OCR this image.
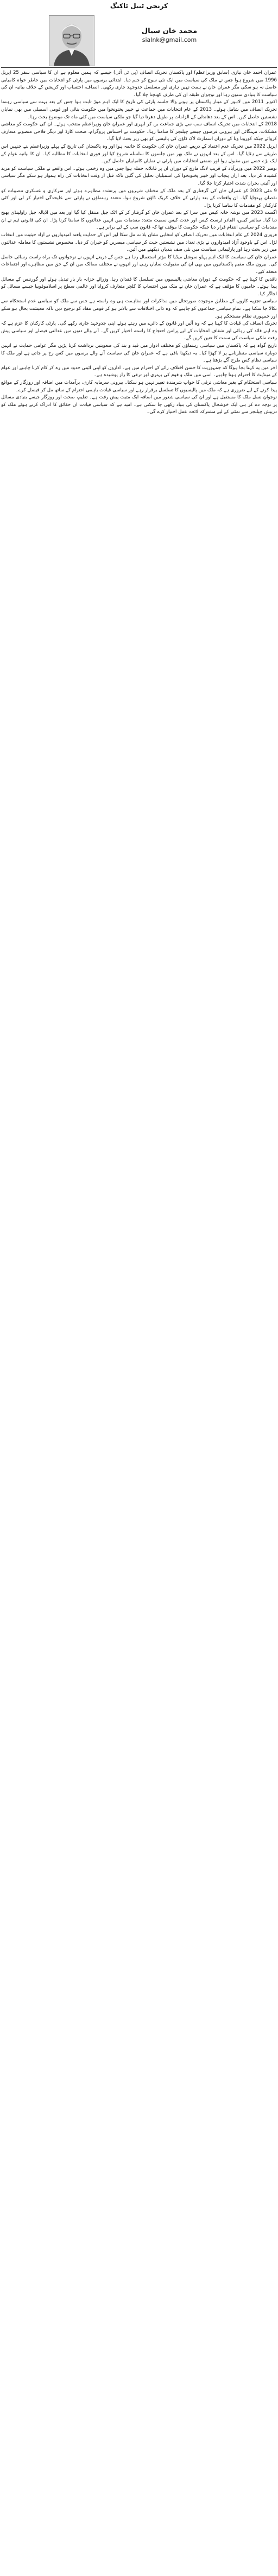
کرنجی ٹیبل ٹاکنگ

محمد خان سیال

sialnk@gmail.com

عمران احمد خان نیازی (سابق وزیراعظم) اور پاکستان تحریک انصاف (پی ٹی آئی) جیسے کہ ہمیں معلوم ہے ان کا سیاسی سفر 25 اپریل 1996 میں شروع ہوا جس نے ملک کی سیاست میں ایک نئی سوچ کو جنم دیا۔ ابتدائی برسوں میں پارٹی کو انتخابات میں خاطر خواہ کامیابی حاصل نہ ہو سکی مگر عمران خان نے ہمت نہیں ہاری اور مسلسل جدوجہد جاری رکھی۔ انصاف، احتساب اور کرپشن کے خلاف بیانیہ ان کی سیاست کا بنیادی ستون رہا اور نوجوان طبقہ ان کی طرف کھنچتا چلا گیا۔

اکتوبر 2011 میں لاہور کے مینار پاکستان پر ہونے والا جلسہ پارٹی کی تاریخ کا ایک اہم موڑ ثابت ہوا جس کے بعد بہت سے سیاسی رہنما تحریک انصاف میں شامل ہوئے۔ 2013 کے عام انتخابات میں جماعت نے خیبر پختونخوا میں حکومت بنائی اور قومی اسمبلی میں بھی نمایاں نشستیں حاصل کیں۔ اس کے بعد دھاندلی کے الزامات پر طویل دھرنا دیا گیا جو ملکی سیاست میں کئی ماہ تک موضوع بحث رہا۔

2018 کے انتخابات میں تحریک انصاف سب سے بڑی جماعت بن کر ابھری اور عمران خان وزیراعظم منتخب ہوئے۔ ان کی حکومت کو معاشی مشکلات، مہنگائی اور بیرونی قرضوں جیسے چیلنجز کا سامنا رہا۔ حکومت نے احساس پروگرام، صحت کارڈ اور دیگر فلاحی منصوبے متعارف کروائے جبکہ کورونا وبا کے دوران اسمارٹ لاک ڈاؤن کی پالیسی کو بھی زیر بحث لایا گیا۔

اپریل 2022 میں تحریک عدم اعتماد کے ذریعے عمران خان کی حکومت کا خاتمہ ہوا اور وہ پاکستان کی تاریخ کے پہلے وزیراعظم بنے جنہیں اس طریقے سے ہٹایا گیا۔ اس کے بعد انہوں نے ملک بھر میں جلسوں کا سلسلہ شروع کیا اور فوری انتخابات کا مطالبہ کیا۔ ان کا بیانیہ عوام کے ایک بڑے حصے میں مقبول ہوا اور ضمنی انتخابات میں پارٹی نے نمایاں کامیابیاں حاصل کیں۔

نومبر 2022 میں وزیرآباد کے قریب لانگ مارچ کے دوران ان پر قاتلانہ حملہ ہوا جس میں وہ زخمی ہوئے۔ اس واقعے نے ملکی سیاست کو مزید کشیدہ کر دیا۔ بعد ازاں پنجاب اور خیبر پختونخوا کی اسمبلیاں تحلیل کی گئیں تاکہ قبل از وقت انتخابات کی راہ ہموار ہو سکے مگر سیاسی اور آئینی بحران شدت اختیار کرتا چلا گیا۔

9 مئی 2023 کو عمران خان کی گرفتاری کے بعد ملک کے مختلف شہروں میں پرتشدد مظاہرے ہوئے اور سرکاری و عسکری تنصیبات کو نقصان پہنچایا گیا۔ ان واقعات کے بعد پارٹی کے خلاف کریک ڈاؤن شروع ہوا، متعدد رہنماؤں نے پارٹی سے علیحدگی اختیار کر لی اور کئی کارکنان کو مقدمات کا سامنا کرنا پڑا۔

اگست 2023 میں توشہ خانہ کیس میں سزا کے بعد عمران خان کو گرفتار کر کے اٹک جیل منتقل کیا گیا اور بعد میں اڈیالہ جیل راولپنڈی بھیج دیا گیا۔ سائفر کیس، القادر ٹرسٹ کیس اور عدت کیس سمیت متعدد مقدمات میں انہیں عدالتوں کا سامنا کرنا پڑا۔ ان کی قانونی ٹیم نے ان مقدمات کو سیاسی انتقام قرار دیا جبکہ حکومت کا مؤقف تھا کہ قانون سب کے لیے برابر ہے۔

فروری 2024 کے عام انتخابات میں تحریک انصاف کو انتخابی نشان بلا نہ مل سکا اور اس کے حمایت یافتہ امیدواروں نے آزاد حیثیت میں انتخاب لڑا۔ اس کے باوجود آزاد امیدواروں نے بڑی تعداد میں نشستیں جیت کر سیاسی مبصرین کو حیران کر دیا۔ مخصوص نشستوں کا معاملہ عدالتوں میں زیر بحث رہا اور پارلیمانی سیاست میں نئی صف بندیاں دیکھنے میں آئیں۔

عمران خان کی سیاست کا ایک اہم پہلو سوشل میڈیا کا مؤثر استعمال رہا ہے جس کے ذریعے انہوں نے نوجوانوں تک براہ راست رسائی حاصل کی۔ بیرون ملک مقیم پاکستانیوں میں بھی ان کی مقبولیت نمایاں رہی اور انہوں نے مختلف ممالک میں ان کے حق میں مظاہرے اور اجتماعات منعقد کیے۔

ناقدین کا کہنا ہے کہ حکومت کے دوران معاشی پالیسیوں میں تسلسل کا فقدان رہا، وزرائے خزانہ بار بار تبدیل ہوئے اور گورننس کے مسائل پیدا ہوئے۔ حامیوں کا مؤقف ہے کہ عمران خان نے ملک میں احتساب کا کلچر متعارف کروایا اور عالمی سطح پر اسلاموفوبیا جیسے مسائل کو اجاگر کیا۔

سیاسی تجزیہ کاروں کے مطابق موجودہ صورتحال میں مذاکرات اور مفاہمت ہی وہ راستہ ہے جس سے ملک کو سیاسی عدم استحکام سے نکالا جا سکتا ہے۔ تمام سیاسی جماعتوں کو چاہیے کہ وہ ذاتی اختلافات سے بالاتر ہو کر قومی مفاد کو ترجیح دیں تاکہ معیشت بحال ہو سکے اور جمہوری نظام مستحکم ہو۔

تحریک انصاف کی قیادت کا کہنا ہے کہ وہ آئین اور قانون کے دائرے میں رہتے ہوئے اپنی جدوجہد جاری رکھے گی۔ پارٹی کارکنان کا عزم ہے کہ وہ اپنے قائد کی رہائی اور شفاف انتخابات کے لیے پرامن احتجاج کا راستہ اختیار کریں گے۔ آنے والے دنوں میں عدالتی فیصلے اور سیاسی پیش رفت ملکی سیاست کی سمت کا تعین کریں گے۔

تاریخ گواہ ہے کہ پاکستان میں سیاسی رہنماؤں کو مختلف ادوار میں قید و بند کی صعوبتیں برداشت کرنا پڑیں مگر عوامی حمایت نے انہیں دوبارہ سیاسی منظرنامے پر لا کھڑا کیا۔ یہ دیکھنا باقی ہے کہ عمران خان کی سیاست آنے والے برسوں میں کس رخ پر جاتی ہے اور ملک کا سیاسی نظام کس طرح آگے بڑھتا ہے۔

آخر میں یہ کہنا بجا ہوگا کہ جمہوریت کا حسن اختلاف رائے کے احترام میں ہے۔ اداروں کو اپنی آئینی حدود میں رہ کر کام کرنا چاہیے اور عوام کے مینڈیٹ کا احترام ہونا چاہیے۔ اسی میں ملک و قوم کی بہتری اور ترقی کا راز پوشیدہ ہے۔

سیاسی استحکام کے بغیر معاشی ترقی کا خواب شرمندہ تعبیر نہیں ہو سکتا۔ بیرونی سرمایہ کاری، برآمدات میں اضافہ اور روزگار کے مواقع پیدا کرنے کے لیے ضروری ہے کہ ملک میں پالیسیوں کا تسلسل برقرار رہے اور سیاسی قیادت باہمی احترام کے ساتھ مل کر فیصلے کرے۔

نوجوان نسل ملک کا مستقبل ہے اور ان کی سیاسی شعور میں اضافہ ایک مثبت پیش رفت ہے۔ تعلیم، صحت اور روزگار جیسے بنیادی مسائل پر توجہ دے کر ہی ایک خوشحال پاکستان کی بنیاد رکھی جا سکتی ہے۔ امید ہے کہ سیاسی قیادت ان حقائق کا ادراک کرتے ہوئے ملک کو درپیش چیلنجز سے نمٹنے کے لیے مشترکہ لائحہ عمل اختیار کرے گی۔
